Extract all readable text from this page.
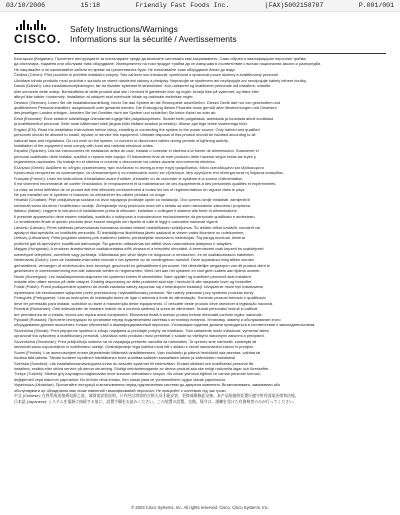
03/10/2006	15:18	Friendly Fast Foods Inc.	(FAX)5002158707	P.001/001
CISCO.
Safety Instructions/Warnings
Informations sur la sécurité / Avertissements
Български (Bulgarian): Прочетете инструкциите за инсталиране преди да включите системата към захранването. Само обучен и квалифициран персонал трябва
да инсталира, подменя или обслужва това оборудване. Изхвърлянето на този продукт трябва да се извършва в съответствие с всички национални закони и разпоредби.
Не свързвайте и не изключвайте кабели по време на гръмотевична буря. Не използвайте това оборудване близо до вода.
Čeština (Czech): Před použitím si přečtěte instalační pokyny. Toto zařízení smí instalovat, vyměňovat a opravovat pouze školený a kvalifikovaný personál.
Likvidace tohoto produktu musí probíhat v souladu se všemi národními zákony a předpisy. Nepracujte se systémem ani nepřipojujte ani neodpojujte kabely během bouřky.
Dansk (Danish): Læs installationsvejledningen, før du tilslutter systemet til strømkilden. Kun uddannet og kvalificeret personale må installere, udskifte
eller servicere dette udstyr. Bortskaffelse af dette produkt skal ske i henhold til gældende love og regler. Arbejd ikke på systemet, og tilslut eller
afbryd ikke kabler i tordenvejr. Installation af udstyret skal overholde lokale og nationale elektriske regler.
Deutsch (German): Lesen Sie die Installationsanleitung, bevor Sie das System an die Stromquelle anschließen. Dieses Gerät darf nur von geschultem und
qualifiziertem Personal installiert, ausgetauscht oder gewartet werden. Die Entsorgung dieses Produkts muss gemäß allen Bestimmungen und Gesetzen
des jeweiligen Landes erfolgen. Arbeiten Sie bei Gewitter nicht am System und schließen Sie keine Kabel an oder ab.
Eesti (Estonian): Enne seadme toiteallikaga ühendamist lugege läbi paigaldusjuhised. Seadet tohib paigaldada, asendada ja hooldada ainult koolitatud
ja kvalifitseeritud personal. Selle toote käitlemisel tuleb järgida kõiki riiklikke seadusi ja eeskirju. Äikese ajal ärge tehke süsteemiga tööd.
English (EN): Read the installation instructions before using, installing or connecting the system to the power source. Only trained and qualified
personnel should be allowed to install, replace or service this equipment. Ultimate disposal of this product should be handled according to all
national laws and regulations. Do not work on the system, or connect or disconnect cables during periods of lightning activity.
Installation of the equipment must comply with local and national electrical codes.
Español (Spanish): Lea las instrucciones de instalación antes de usar, instalar o conectar el sistema a la fuente de alimentación. Solamente el
personal cualificado debe instalar, sustituir o reparar este equipo. El tratamiento final de este producto debe hacerse según todas las leyes y
reglamentos nacionales. No trabaje en el sistema ni conecte o desconecte los cables durante una tormenta eléctrica.
Ελληνικά (Greek): Διαβάστε τις οδηγίες εγκατάστασης πριν συνδέσετε το σύστημα στην πηγή τροφοδοσίας. Μόνο εκπαιδευμένο και εξειδικευμένο
προσωπικό επιτρέπεται να εγκαταστήσει, να αντικαταστήσει ή να επισκευάσει αυτόν τον εξοπλισμό. Μην εργάζεστε στο σύστημα κατά τη διάρκεια καταιγίδας.
Français (French): Lisez les instructions d'installation avant d'utiliser, d'installer ou de raccorder le système à la source d'alimentation.
Il est vivement recommandé de confier l'installation, le remplacement et la maintenance de ces équipements à des personnels qualifiés et expérimentés.
La mise au rebut définitive de ce produit doit être effectuée conformément à toutes les lois et réglementations en vigueur dans le pays.
Ne pas travailler sur le système ni brancher ou débrancher les câbles pendant un orage.
Hrvatski (Croatian): Prije priključivanja sustava na izvor napajanja pročitajte upute za instalaciju. Ovu opremu smije instalirati, zamijeniti ili
servisirati samo obučeno i kvalificirano osoblje. Zbrinjavanje ovog proizvoda mora biti u skladu sa svim nacionalnim zakonima i propisima.
Italiano (Italian): Leggere le istruzioni di installazione prima di utilizzare, installare o collegare il sistema alla fonte di alimentazione.
Il presente apparecchio deve essere installato, sostituito o sottoposto a manutenzione esclusivamente da personale qualificato e addestrato.
Lo smaltimento finale di questo prodotto deve essere eseguito nel rispetto di tutte le leggi e normative nazionali vigenti.
Latviešu (Latvian): Pirms sistēmas pievienošanas barošanas avotam izlasiet uzstādīšanas norādījumus. Šo iekārtu drīkst uzstādīt, nomainīt vai
apkalpot tikai apmācīts un kvalificēts personāls. Šī izstrādājuma likvidēšana jāveic saskaņā ar visiem valsts likumiem un noteikumiem.
Lietuvių (Lithuanian): Prieš jungdami sistemą prie maitinimo šaltinio, perskaitykite montavimo instrukcijas. Šią įrangą montuoti, keisti ar
prižiūrėti gali tik apmokyti ir kvalifikuoti darbuotojai. Šio gaminio utilizavimas turi atitikti visus nacionalinius įstatymus ir taisykles.
Magyar (Hungarian): A rendszer áramforráshoz csatlakoztatása előtt olvassa el a telepítési útmutatót. A berendezést csak képzett és szakképzett
személyzet telepítheti, cserélheti vagy javíthatja. Villámlással járó vihar idején ne dolgozzon a rendszeren, és ne csatlakoztasson kábeleket.
Nederlands (Dutch): Lees de installatie-instructies voordat u het systeem op de voedingsbron aansluit. Deze apparatuur mag alleen worden
geïnstalleerd, vervangen of onderhouden door bevoegd, geschoold en gekwalificeerd personeel. Het uiteindelijke wegwerpen van dit product dient te
geschieden in overeenstemming met alle nationale wetten en reglementen. Werk niet aan het systeem en sluit geen kabels aan tijdens onweer.
Norsk (Norwegian): Les installasjonsinstruksjonene før systemet kobles til strømkilden. Bare opplært og kvalifisert personell skal installere,
erstatte eller utføre service på dette utstyret. Endelig disponering av dette produktet skal skje i henhold til alle nasjonale lover og forskrifter.
Polski (Polish): Przed podłączeniem systemu do źródła zasilania należy zapoznać się z instrukcjami instalacji. Urządzenie może być instalowane,
wymieniane lub serwisowane wyłącznie przez przeszkolony i wykwalifikowany personel. Nie należy pracować przy systemie podczas burzy.
Português (Portuguese): Leia as instruções de instalação antes de ligar o sistema à fonte de alimentação. Somente pessoal treinado e qualificado
deve ter permissão para instalar, substituir ou fazer a manutenção deste equipamento. O descarte deste produto deve obedecer à legislação nacional.
Română (Romanian): Citiți instrucțiunile de instalare înainte de a conecta sistemul la sursa de alimentare. Numai personalul instruit și calificat
are permisiunea de a instala, înlocui sau repara acest echipament. Eliminarea finală a acestui produs trebuie efectuată conform legilor naționale.
Русский (Russian): Прочтите инструкции по установке перед подключением системы к источнику питания. Установку, замену и обслуживание этого
оборудования должен выполнять только обученный и квалифицированный персонал. Утилизация изделия должна проводиться в соответствии с законодательством.
Slovenčina (Slovak): Pred pripojením systému k zdroju napájania si prečítajte pokyny na inštaláciu. Toto zariadenie môže inštalovať, vymieňať alebo
opravovať iba vyškolený a kvalifikovaný personál. Likvidácia tohto produktu musí prebiehať v súlade so všetkými národnými zákonmi a predpismi.
Slovenščina (Slovenian): Pred priključitvijo sistema na vir napajanja preberite navodila za namestitev. To opremo sme namestiti, zamenjati ali
servisirati samo usposobljeno in kvalificirano osebje. Odstranjevanje tega izdelka mora biti v skladu z vsemi nacionalnimi zakoni in predpisi.
Suomi (Finnish): Lue asennusohjeet ennen järjestelmän liittämistä virtalähteeseen. Vain koulutettu ja pätevä henkilöstö saa asentaa, vaihtaa tai
huoltaa tätä laitetta. Tämän tuotteen lopullinen hävittäminen tulee suorittaa kaikkien kansallisten lakien ja säännösten mukaisesti.
Svenska (Swedish): Läs installationsanvisningarna innan du ansluter systemet till strömkällan. Endast utbildad och kvalificerad personal får
installera, ersätta eller utföra service på denna utrustning. Slutligt omhändertagande av denna produkt ska ske enligt nationella lagar och föreskrifter.
Türkçe (Turkish): Sistemi güç kaynağına bağlamadan önce kurulum talimatlarını okuyun. Bu cihazı yalnızca eğitimli ve uzman personel kurmalı,
değiştirmeli veya bakımını yapmalıdır. Bu ürünün nihai imhası, tüm ulusal yasa ve yönetmeliklere uygun olarak yapılmalıdır.
Українська (Ukrainian): Прочитайте інструкції зі встановлення перед підключенням системи до джерела живлення. Встановлювати, замінювати або
обслуговувати це обладнання має лише навчений і кваліфікований персонал. Не працюйте з системою під час грози.
中文 (Chinese): 在将系统连接到电源之前，请阅读安装说明。只有经过培训的合格人员才能安装、更换或维修此设备。本产品的最终处置应遵守所有国家法律和法规。
日本語 (Japanese): システムを電源に接続する前に、設置手順をお読みください。この装置の設置、交換、保守は、訓練を受けた有資格者のみが行ってください。
© 2003 Cisco Systems, Inc. All rights reserved. Cisco, Cisco Systems, Inc.
